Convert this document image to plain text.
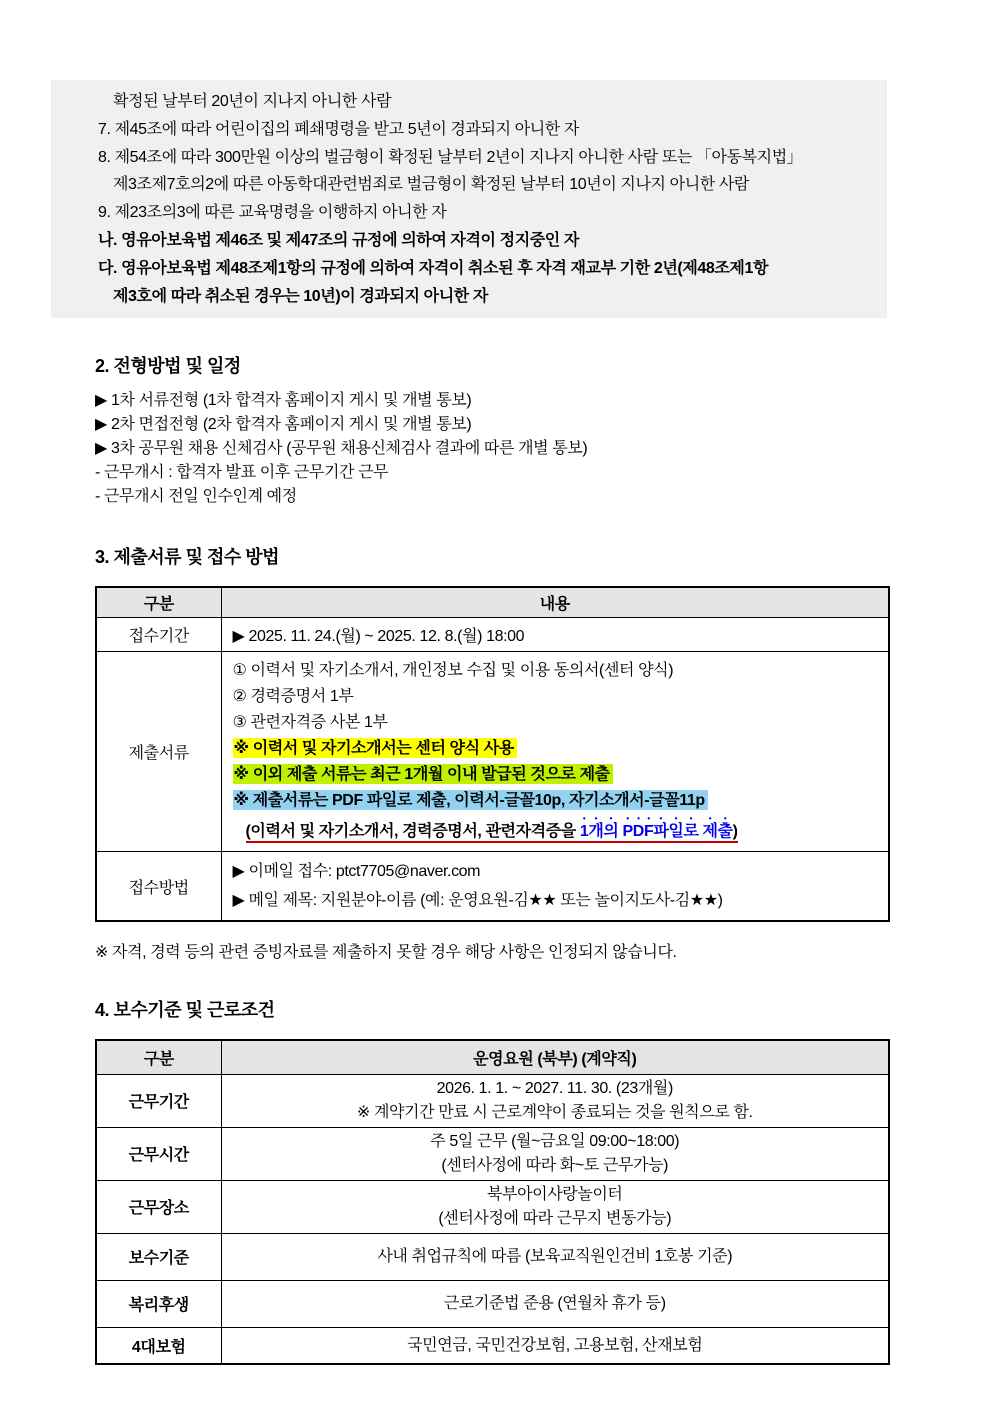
확정된 날부터 20년이 지나지 아니한 사람
7. 제45조에 따라 어린이집의 폐쇄명령을 받고 5년이 경과되지 아니한 자
8. 제54조에 따라 300만원 이상의 벌금형이 확정된 날부터 2년이 지나지 아니한 사람 또는 「아동복지법」
제3조제7호의2에 따른 아동학대관련범죄로 벌금형이 확정된 날부터 10년이 지나지 아니한 사람
9. 제23조의3에 따른 교육명령을 이행하지 아니한 자
나. 영유아보육법 제46조 및 제47조의 규정에 의하여 자격이 정지중인 자
다. 영유아보육법 제48조제1항의 규정에 의하여 자격이 취소된 후 자격 재교부 기한 2년(제48조제1항
제3호에 따라 취소된 경우는 10년)이 경과되지 아니한 자
2. 전형방법 및 일정
▶ 1차 서류전형 (1차 합격자 홈페이지 게시 및 개별 통보)
▶ 2차 면접전형 (2차 합격자 홈페이지 게시 및 개별 통보)
▶ 3차 공무원 채용 신체검사 (공무원 채용신체검사 결과에 따른 개별 통보)
- 근무개시 : 합격자 발표 이후 근무기간 근무
- 근무개시 전일 인수인계 예정
3. 제출서류 및 접수 방법
구분	내용
접수기간	▶ 2025. 11. 24.(월) ~ 2025. 12. 8.(월) 18:00
제출서류	
① 이력서 및 자기소개서, 개인정보 수집 및 이용 동의서(센터 양식)
② 경력증명서 1부
③ 관련자격증 사본 1부
※ 이력서 및 자기소개서는 센터 양식 사용
※ 이외 제출 서류는 최근 1개월 이내 발급된 것으로 제출
※ 제출서류는 PDF 파일로 제출, 이력서-글꼴10p, 자기소개서-글꼴11p
(이력서 및 자기소개서, 경력증명서, 관련자격증을 1개의 PDF파일로 제출)

접수방법	▶ 이메일 접수: ptct7705@naver.com
▶ 메일 제목: 지원분야-이름 (예: 운영요원-김★★ 또는 놀이지도사-김★★)

※ 자격, 경력 등의 관련 증빙자료를 제출하지 못할 경우 해당 사항은 인정되지 않습니다.

4. 보수기준 및 근로조건
구분	운영요원 (북부) (계약직)
근무기간	2026. 1. 1. ~ 2027. 11. 30. (23개월)
※ 계약기간 만료 시 근로계약이 종료되는 것을 원칙으로 함.

근무시간	주 5일 근무 (월~금요일 09:00~18:00)
(센터사정에 따라 화~토 근무가능)

근무장소	북부아이사랑놀이터
(센터사정에 따라 근무지 변동가능)

보수기준	사내 취업규칙에 따름 (보육교직원인건비 1호봉 기준)

복리후생	근로기준법 준용 (연월차 휴가 등)

4대보험	국민연금, 국민건강보험, 고용보험, 산재보험
